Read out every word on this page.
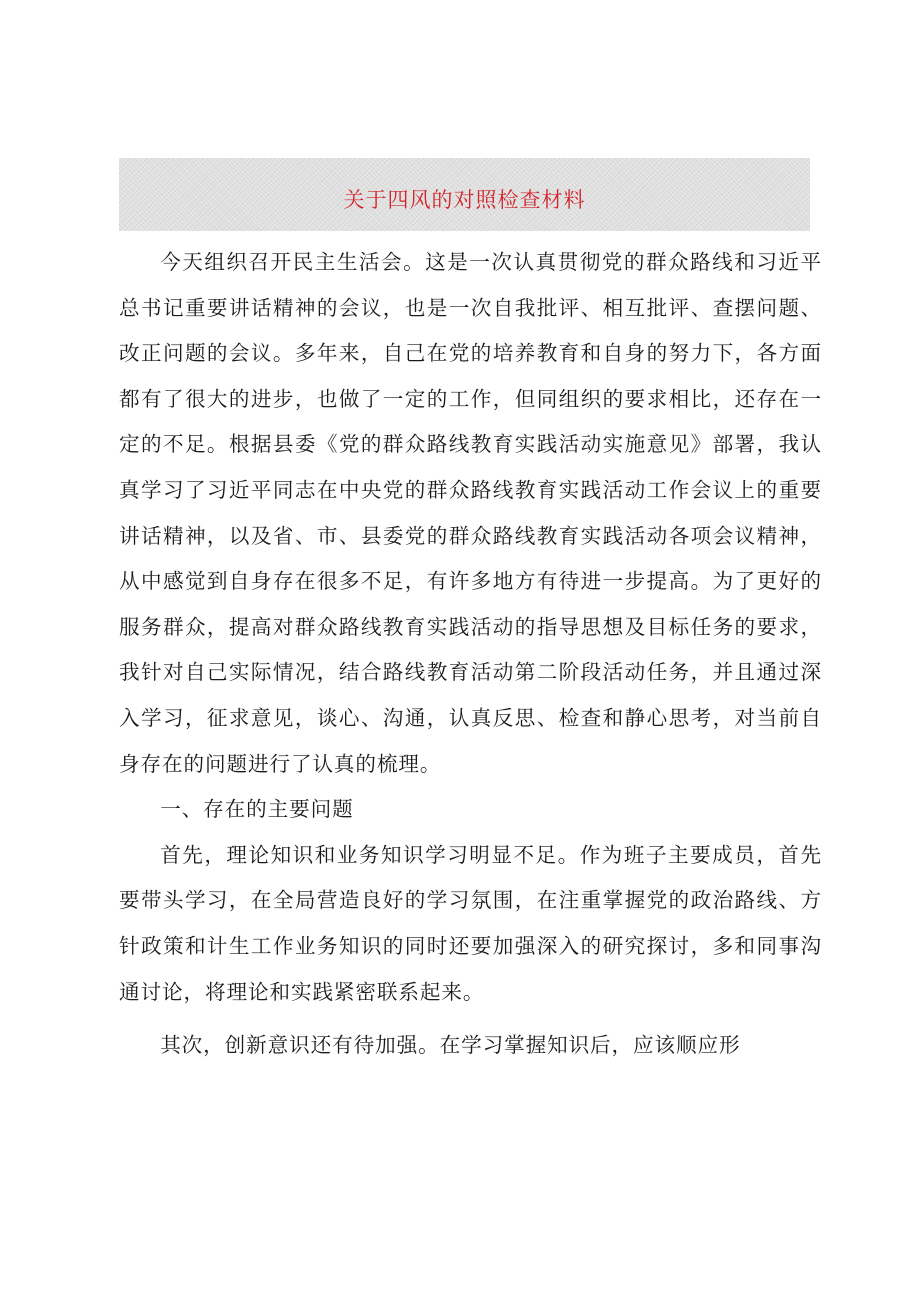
关于四风的对照检查材料

今天组织召开民主生活会。这是一次认真贯彻党的群众路线和习近平总书记重要讲话精神的会议，也是一次自我批评、相互批评、查摆问题、改正问题的会议。多年来，自己在党的培养教育和自身的努力下，各方面都有了很大的进步，也做了一定的工作，但同组织的要求相比，还存在一定的不足。根据县委《党的群众路线教育实践活动实施意见》部署，我认真学习了习近平同志在中央党的群众路线教育实践活动工作会议上的重要讲话精神，以及省、市、县委党的群众路线教育实践活动各项会议精神，从中感觉到自身存在很多不足，有许多地方有待进一步提高。为了更好的服务群众，提高对群众路线教育实践活动的指导思想及目标任务的要求，我针对自己实际情况，结合路线教育活动第二阶段活动任务，并且通过深入学习，征求意见，谈心、沟通，认真反思、检查和静心思考，对当前自身存在的问题进行了认真的梳理。

一、存在的主要问题

首先，理论知识和业务知识学习明显不足。作为班子主要成员，首先要带头学习，在全局营造良好的学习氛围，在注重掌握党的政治路线、方针政策和计生工作业务知识的同时还要加强深入的研究探讨，多和同事沟通讨论，将理论和实践紧密联系起来。

其次，创新意识还有待加强。在学习掌握知识后，应该顺应形
